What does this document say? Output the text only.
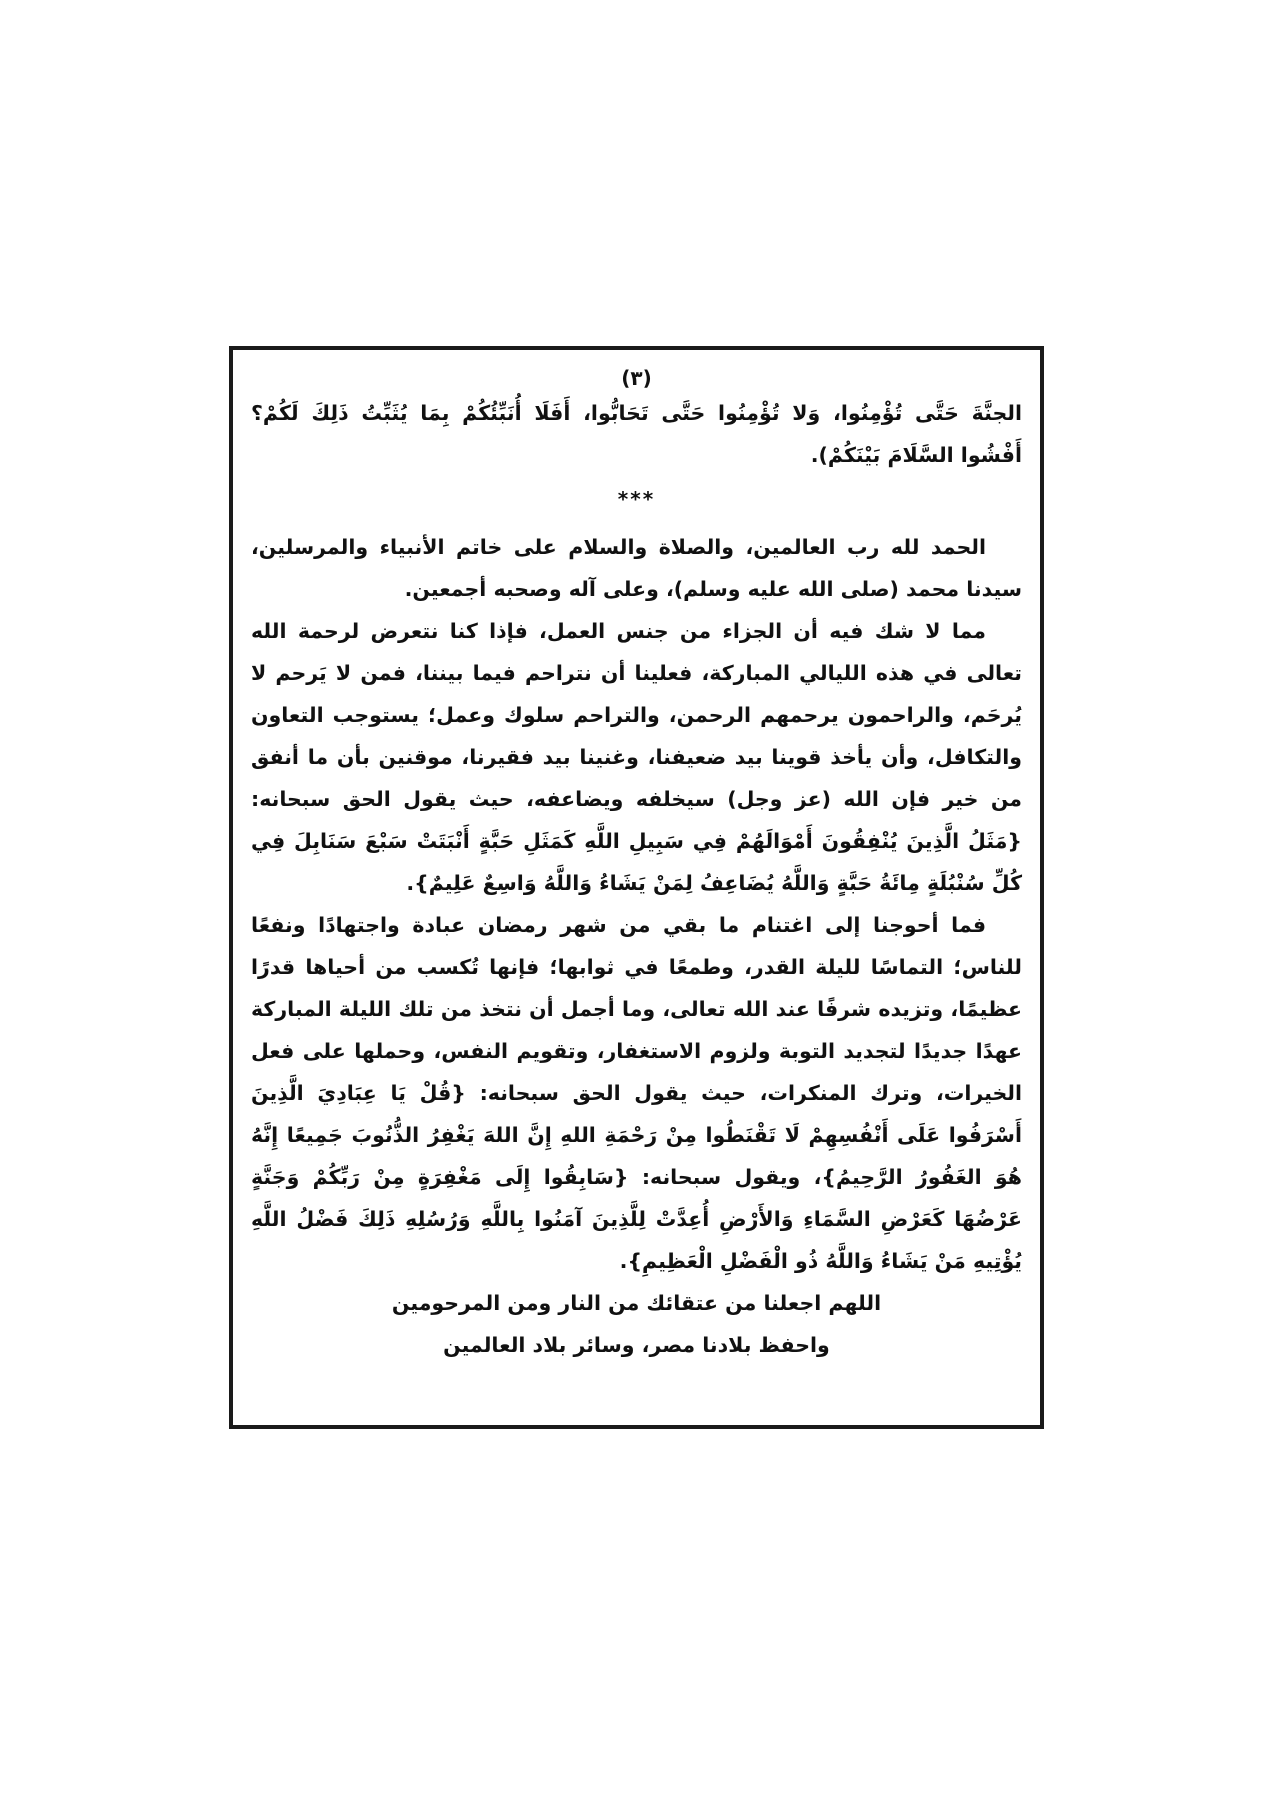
(٣)

الجنَّةَ حَتَّى تُؤْمِنُوا، وَلا تُؤْمِنُوا حَتَّى تَحَابُّوا، أَفَلَا أُنَبِّئُكُمْ بِمَا يُثَبِّتُ ذَلِكَ لَكُمْ؟ أَفْشُوا السَّلَامَ بَيْنَكُمْ).

***

الحمد لله رب العالمين، والصلاة والسلام على خاتم الأنبياء والمرسلين، سيدنا محمد (صلى الله عليه وسلم)، وعلى آله وصحبه أجمعين.

مما لا شك فيه أن الجزاء من جنس العمل، فإذا كنا نتعرض لرحمة الله تعالى في هذه الليالي المباركة، فعلينا أن نتراحم فيما بيننا، فمن لا يَرحم لا يُرحَم، والراحمون يرحمهم الرحمن، والتراحم سلوك وعمل؛ يستوجب التعاون والتكافل، وأن يأخذ قوينا بيد ضعيفنا، وغنينا بيد فقيرنا، موقنين بأن ما أنفق من خير فإن الله (عز وجل) سيخلفه ويضاعفه، حيث يقول الحق سبحانه: {مَثَلُ الَّذِينَ يُنْفِقُونَ أَمْوَالَهُمْ فِي سَبِيلِ اللَّهِ كَمَثَلِ حَبَّةٍ أَنْبَتَتْ سَبْعَ سَنَابِلَ فِي كُلِّ سُنْبُلَةٍ مِائَةُ حَبَّةٍ وَاللَّهُ يُضَاعِفُ لِمَنْ يَشَاءُ وَاللَّهُ وَاسِعٌ عَلِيمٌ}.

فما أحوجنا إلى اغتنام ما بقي من شهر رمضان عبادة واجتهادًا ونفعًا للناس؛ التماسًا لليلة القدر، وطمعًا في ثوابها؛ فإنها تُكسب من أحياها قدرًا عظيمًا، وتزيده شرفًا عند الله تعالى، وما أجمل أن نتخذ من تلك الليلة المباركة عهدًا جديدًا لتجديد التوبة ولزوم الاستغفار، وتقويم النفس، وحملها على فعل الخيرات، وترك المنكرات، حيث يقول الحق سبحانه: {قُلْ يَا عِبَادِيَ الَّذِينَ أَسْرَفُوا عَلَى أَنْفُسِهِمْ لَا تَقْنَطُوا مِنْ رَحْمَةِ اللهِ إِنَّ اللهَ يَغْفِرُ الذُّنُوبَ جَمِيعًا إِنَّهُ هُوَ الغَفُورُ الرَّحِيمُ}، ويقول سبحانه: {سَابِقُوا إِلَى مَغْفِرَةٍ مِنْ رَبِّكُمْ وَجَنَّةٍ عَرْضُهَا كَعَرْضِ السَّمَاءِ وَالأَرْضِ أُعِدَّتْ لِلَّذِينَ آمَنُوا بِاللَّهِ وَرُسُلِهِ ذَلِكَ فَضْلُ اللَّهِ يُؤْتِيهِ مَنْ يَشَاءُ وَاللَّهُ ذُو الْفَضْلِ الْعَظِيمِ}.

اللهم اجعلنا من عتقائك من النار ومن المرحومين

واحفظ بلادنا مصر، وسائر بلاد العالمين
